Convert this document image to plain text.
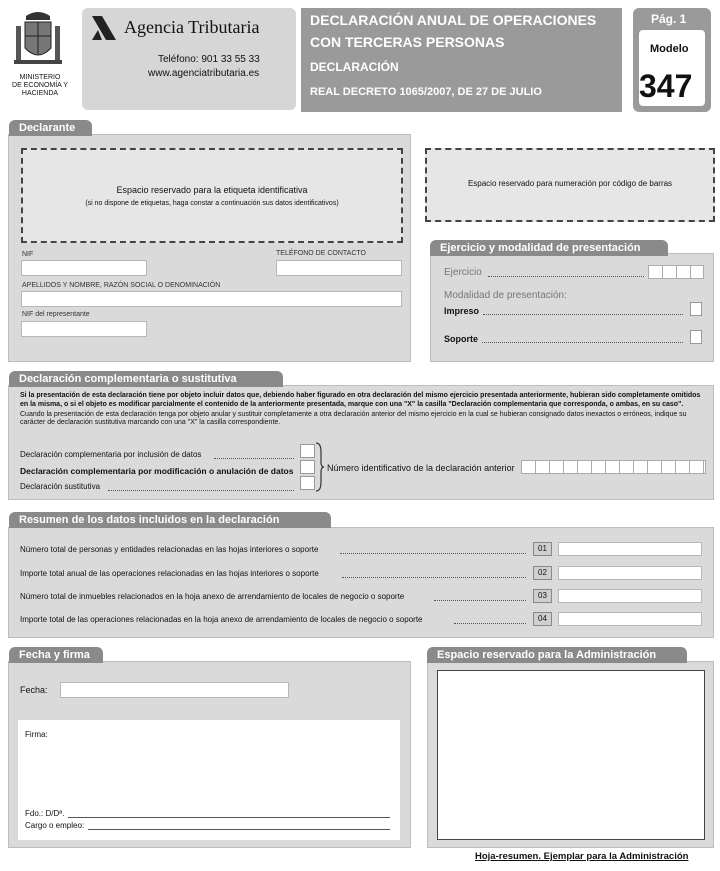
MINISTERIO
DE ECONOMÍA Y
HACIENDA
Agencia Tributaria
Teléfono: 901 33 55 33
www.agenciatributaria.es
DECLARACIÓN ANUAL DE OPERACIONES
CON TERCERAS PERSONAS
DECLARACIÓN
REAL DECRETO 1065/2007, DE 27 DE JULIO
Pág. 1
Modelo
347
Declarante
Espacio reservado para la etiqueta identificativa
(si no dispone de etiquetas, haga constar a continuación sus datos identificativos)
NIF	TELÉFONO DE CONTACTO
APELLIDOS Y NOMBRE, RAZÓN SOCIAL O DENOMINACIÓN
NIF del representante
Espacio reservado para numeración por código de barras
Ejercicio y modalidad de presentación
Ejercicio
Modalidad de presentación:
Impreso
Soporte
Declaración complementaria o sustitutiva
Si la presentación de esta declaración tiene por objeto incluir datos que, debiendo haber figurado en otra declaración del mismo ejercicio presentada anteriormente, hubieran sido completamente omitidos en la misma, o si el objeto es modificar parcialmente el contenido de la anteriormente presentada, marque con una "X" la casilla "Declaración complementaria que corresponda, o ambas, en su caso".
Cuando la presentación de esta declaración tenga por objeto anular y sustituir completamente a otra declaración anterior del mismo ejercicio en la cual se hubieran consignado datos inexactos o erróneos, indique su carácter de declaración sustitutiva marcando con una "X" la casilla correspondiente.
Declaración complementaria por inclusión de datos
Declaración complementaria por modificación o anulación de datos
Declaración sustitutiva
Número identificativo de la declaración anterior
Resumen de los datos incluidos en la declaración
Número total de personas y entidades relacionadas en las hojas interiores o soporte	01
Importe total anual de las operaciones relacionadas en las hojas interiores o soporte	02
Número total de inmuebles relacionados en la hoja anexo de arrendamiento de locales de negocio o soporte	03
Importe total de las operaciones relacionadas en la hoja anexo de arrendamiento de locales de negocio o soporte	04
Fecha y firma
Fecha:
Firma:
Fdo.: D/Dª.
Cargo o empleo:
Espacio reservado para la Administración
Hoja-resumen. Ejemplar para la Administración
